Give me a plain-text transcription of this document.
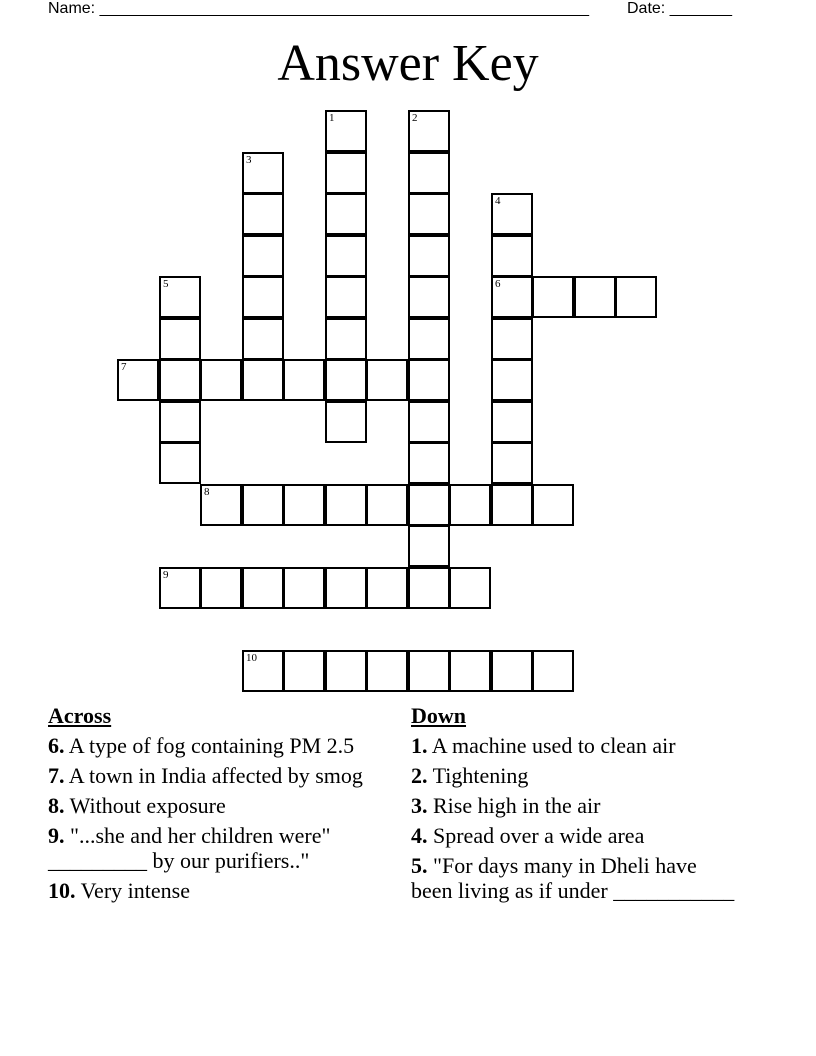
Name: _______________________________________________________ Date: _______
Answer Key
1	2
3
4
6
5
7
8
9
10
Across
6. A type of fog containing PM 2.5
7. A town in India affected by smog
8. Without exposure
9. "...she and her children were" _________ by our purifiers.."
10. Very intense
Down
1. A machine used to clean air
2. Tightening
3. Rise high in the air
4. Spread over a wide area
5. "For days many in Dheli have been living as if under ___________
